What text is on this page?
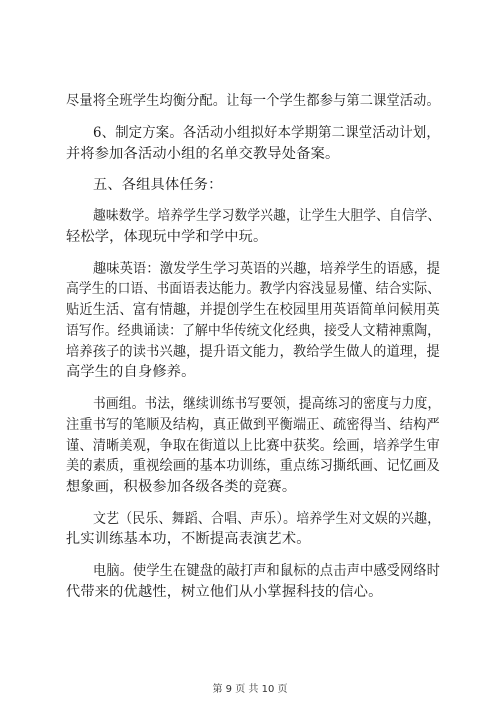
尽量将全班学生均衡分配。让每一个学生都参与第二课堂活动。
6、制定方案。各活动小组拟好本学期第二课堂活动计划，
并将参加各活动小组的名单交教导处备案。
五、各组具体任务：
趣味数学。培养学生学习数学兴趣，让学生大胆学、自信学、
轻松学，体现玩中学和学中玩。
趣味英语：激发学生学习英语的兴趣，培养学生的语感，提
高学生的口语、书面语表达能力。教学内容浅显易懂、结合实际、
贴近生活、富有情趣，并提创学生在校园里用英语简单问候用英
语写作。经典诵读：了解中华传统文化经典，接受人文精神熏陶，
培养孩子的读书兴趣，提升语文能力，教给学生做人的道理，提
高学生的自身修养。
书画组。书法，继续训练书写要领，提高练习的密度与力度，
注重书写的笔顺及结构，真正做到平衡端正、疏密得当、结构严
谨、清晰美观，争取在街道以上比赛中获奖。绘画，培养学生审
美的素质，重视绘画的基本功训练，重点练习撕纸画、记忆画及
想象画，积极参加各级各类的竞赛。
文艺（民乐、舞蹈、合唱、声乐）。培养学生对文娱的兴趣，
扎实训练基本功，不断提高表演艺术。
电脑。使学生在键盘的敲打声和鼠标的点击声中感受网络时
代带来的优越性，树立他们从小掌握科技的信心。
第 9 页 共 10 页
